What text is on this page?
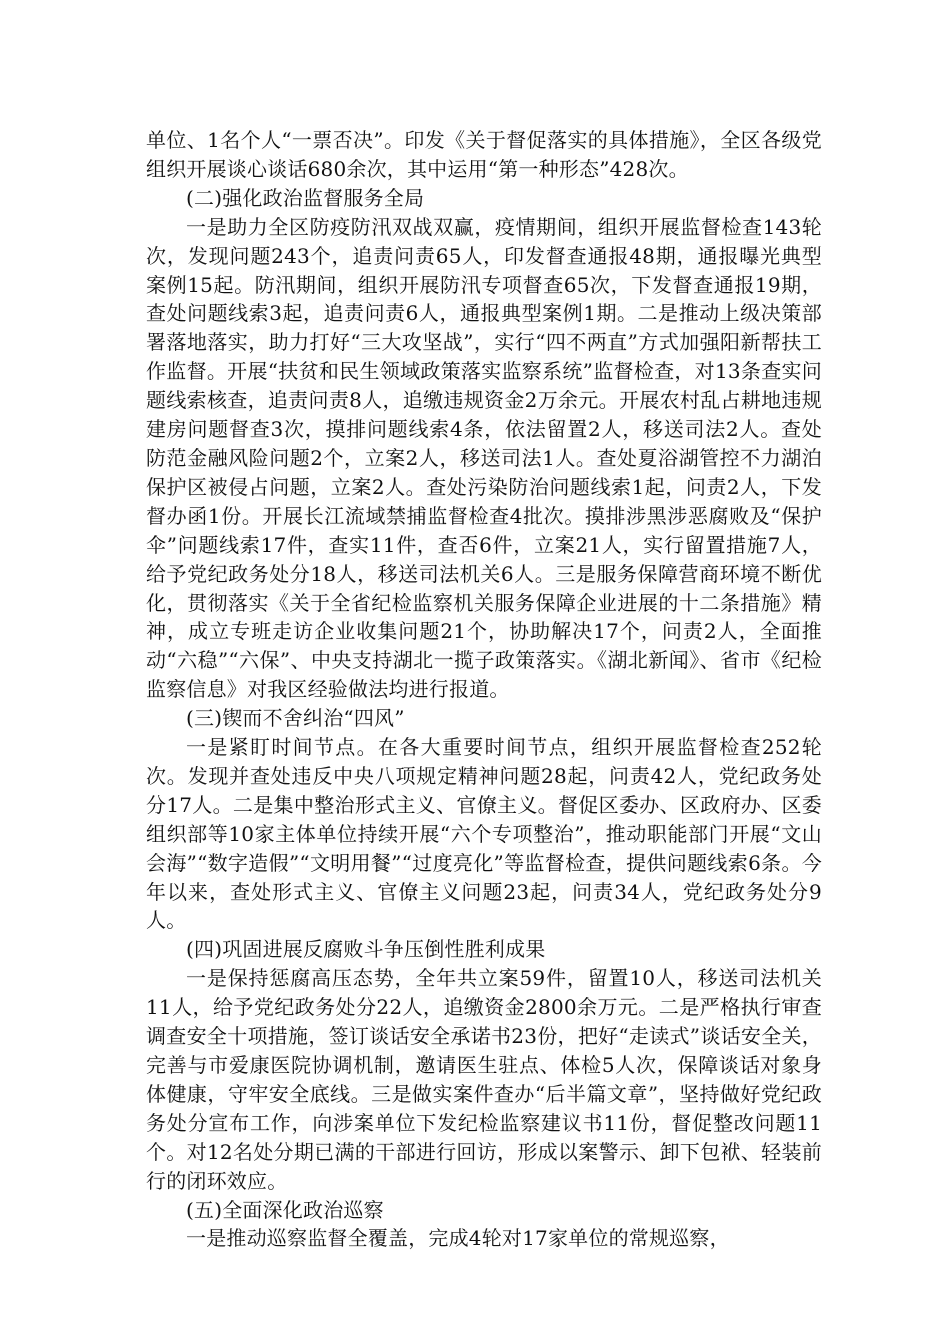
单位、1名个人“一票否决”。印发《关于督促落实的具体措施》，全区各级党组织开展谈心谈话680余次，其中运用“第一种形态”428次。

(二)强化政治监督服务全局

一是助力全区防疫防汛双战双赢，疫情期间，组织开展监督检查143轮次，发现问题243个，追责问责65人，印发督查通报48期，通报曝光典型案例15起。防汛期间，组织开展防汛专项督查65次，下发督查通报19期，查处问题线索3起，追责问责6人，通报典型案例1期。二是推动上级决策部署落地落实，助力打好“三大攻坚战”，实行“四不两直”方式加强阳新帮扶工作监督。开展“扶贫和民生领域政策落实监察系统”监督检查，对13条查实问题线索核查，追责问责8人，追缴违规资金2万余元。开展农村乱占耕地违规建房问题督查3次，摸排问题线索4条，依法留置2人，移送司法2人。查处防范金融风险问题2个，立案2人，移送司法1人。查处夏浴湖管控不力湖泊保护区被侵占问题，立案2人。查处污染防治问题线索1起，问责2人，下发督办函1份。开展长江流域禁捕监督检查4批次。摸排涉黑涉恶腐败及“保护伞”问题线索17件，查实11件，查否6件，立案21人，实行留置措施7人，给予党纪政务处分18人，移送司法机关6人。三是服务保障营商环境不断优化，贯彻落实《关于全省纪检监察机关服务保障企业进展的十二条措施》精神，成立专班走访企业收集问题21个，协助解决17个，问责2人，全面推动“六稳”“六保”、中央支持湖北一揽子政策落实。《湖北新闻》、省市《纪检监察信息》对我区经验做法均进行报道。

(三)锲而不舍纠治“四风”

一是紧盯时间节点。在各大重要时间节点，组织开展监督检查252轮次。发现并查处违反中央八项规定精神问题28起，问责42人，党纪政务处分17人。二是集中整治形式主义、官僚主义。督促区委办、区政府办、区委组织部等10家主体单位持续开展“六个专项整治”，推动职能部门开展“文山会海”“数字造假”“文明用餐”“过度亮化”等监督检查，提供问题线索6条。今年以来，查处形式主义、官僚主义问题23起，问责34人，党纪政务处分9人。

(四)巩固进展反腐败斗争压倒性胜利成果

一是保持惩腐高压态势，全年共立案59件，留置10人，移送司法机关11人，给予党纪政务处分22人，追缴资金2800余万元。二是严格执行审查调查安全十项措施，签订谈话安全承诺书23份，把好“走读式”谈话安全关，完善与市爱康医院协调机制，邀请医生驻点、体检5人次，保障谈话对象身体健康，守牢安全底线。三是做实案件查办“后半篇文章”，坚持做好党纪政务处分宣布工作，向涉案单位下发纪检监察建议书11份，督促整改问题11个。对12名处分期已满的干部进行回访，形成以案警示、卸下包袱、轻装前行的闭环效应。

(五)全面深化政治巡察

一是推动巡察监督全覆盖，完成4轮对17家单位的常规巡察，
